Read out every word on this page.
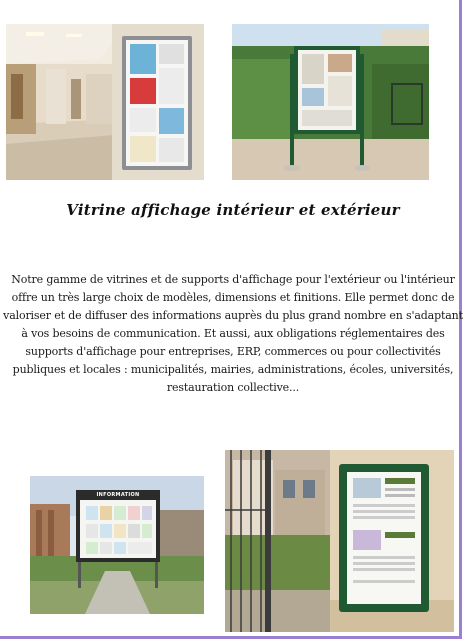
Vitrine affichage intérieur et extérieur
Notre gamme de vitrines et de supports d'affichage pour l'extérieur ou l'intérieur offre un très large choix de modèles, dimensions et finitions. Elle permet donc de valoriser et de diffuser des informations auprès du plus grand nombre en s'adaptant à vos besoins de communication. Et aussi, aux obligations réglementaires des supports d'affichage pour entreprises, ERP, commerces ou pour collectivités publiques et locales : municipalités, mairies, administrations, écoles, universités, restauration collective...
INFORMATION
